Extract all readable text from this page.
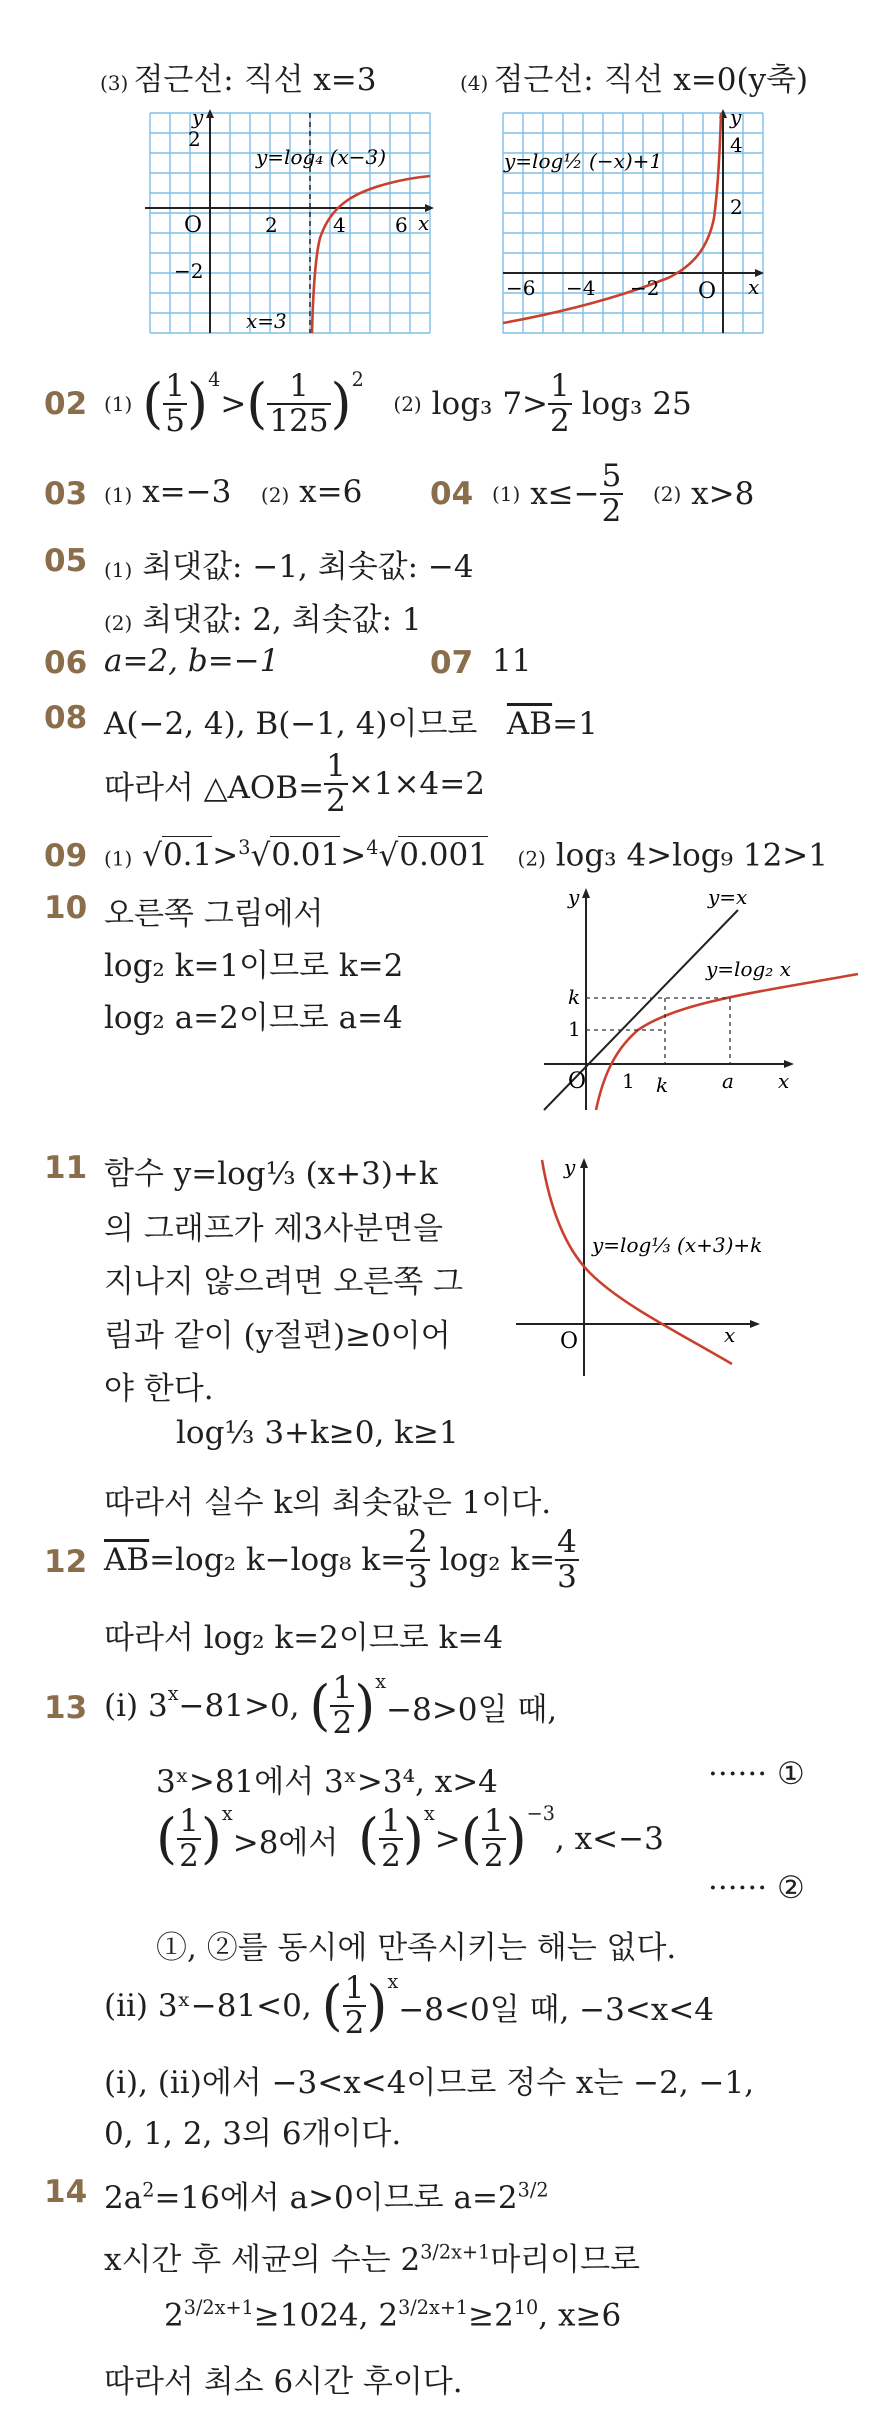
(3) 점근선: 직선 x=3	(4) 점근선: 직선 x=0(y축)
y
x
O
2
−2
2	4 6
y=log₄ (x−3)
x=3
y
x
O
4
2
−6 −4 −2
y=log½ (−x)+1
02 (1)
( $\frac{1}{5} )^4$
> ( $\frac{1}{125} )^2$

(2)
log₃ $7> \frac{1}{2}$
log₃ 25
03 (1) x=−3 (2) x=6 04 (1)
$x\le- \frac{5}{2}$
(2)
x>8
05 (1) 최댓값: −1, 최솟값: −4
(2) 최댓값: 2, 최솟값: 1
06 a=2, b=−1	07 11
08 A(−2, 4), B(−1, 4)이므로 $\overline{AB}=1$
따라서 △AOB= $\frac{1}{2} \times 1\times 4=2$
09 (1) √0.1>$^3$√0.01>$^4$√0.001 (2) log₃ 4>log₉ 12>1
10 오른쪽 그림에서
log₂ k=1이므로 k=2
log₂ a=2이므로 a=4
y
x
O
y=x
y=log₂ x
k
1
1 k	a
11 함수 y=log⅓ (x+3)+k
의 그래프가 제3사분면을
지나지 않으려면 오른쪽 그
림과 같이 (y절편)≥0이어
야 한다.
log⅓ 3+k≥0, k≥1
따라서 실수 k의 최솟값은 1이다.
y
x
O
y=log⅓ (x+3)+k
12 $\overline{AB} =\log_2$ k−log₈ $k= \frac{2}{3}$
log₂ $k= \frac{4}{3}$
따라서 log₂ k=2이므로 k=4
13 (ⅰ)
$3^x -81>0$,
( $\frac{1}{2} )^x$
−8>0일 때,
3ˣ>81에서 3ˣ>3⁴, x>4	······ ①
( $\frac{1}{2} )^x$
>8에서
( $\frac{1}{2} )^x$
> ( $\frac{1}{2} )^{-3}$
, x<−3
······ ②
①, ②를 동시에 만족시키는 해는 없다.
(ⅱ)
3ˣ−81<0,
( $\frac{1}{2} )^x$
−8<0일 때, −3<x<4
(ⅰ), (ⅱ)에서 −3<x<4이므로 정수 x는 −2, −1,
0, 1, 2, 3의 6개이다.
14 $2a^2=16$에서 a>0이므로 $a=2^{3/2}$
x시간 후 세균의 수는 $2^{3/2x+1}$마리이므로
$2^{3/2x+1}\ge 1024$, $2^{3/2x+1}\ge 2^{10}$, x≥6
따라서 최소 6시간 후이다.
